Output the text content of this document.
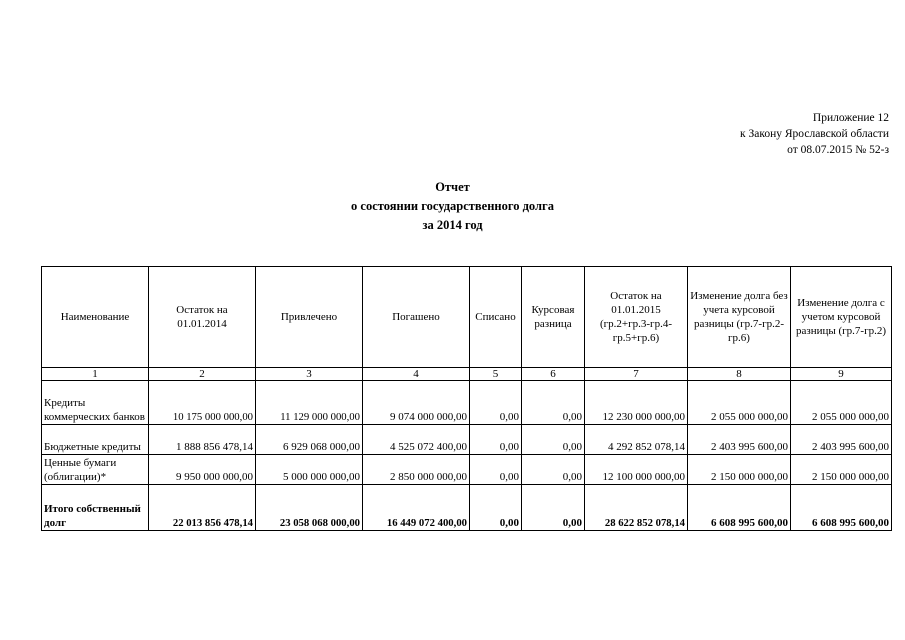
Приложение 12
к Закону Ярославской области
от 08.07.2015 № 52-з
Отчет
о состоянии государственного долга
за 2014 год
Наименование	Остаток на 01.01.2014	Привлечено	Погашено	Списано	Курсовая разница	Остаток на 01.01.2015 (гр.2+гр.3-гр.4-гр.5+гр.6)	Изменение долга без учета курсовой разницы (гр.7-гр.2-гр.6)	Изменение долга с учетом курсовой разницы (гр.7-гр.2)
1	2	3	4	5	6	7	8	9
Кредиты коммерческих банков	10 175 000 000,00	11 129 000 000,00	9 074 000 000,00	0,00	0,00	12 230 000 000,00	2 055 000 000,00	2 055 000 000,00
Бюджетные кредиты	1 888 856 478,14	6 929 068 000,00	4 525 072 400,00	0,00	0,00	4 292 852 078,14	2 403 995 600,00	2 403 995 600,00
Ценные бумаги (облигации)*	9 950 000 000,00	5 000 000 000,00	2 850 000 000,00	0,00	0,00	12 100 000 000,00	2 150 000 000,00	2 150 000 000,00
Итого собственный долг	22 013 856 478,14	23 058 068 000,00	16 449 072 400,00	0,00	0,00	28 622 852 078,14	6 608 995 600,00	6 608 995 600,00
